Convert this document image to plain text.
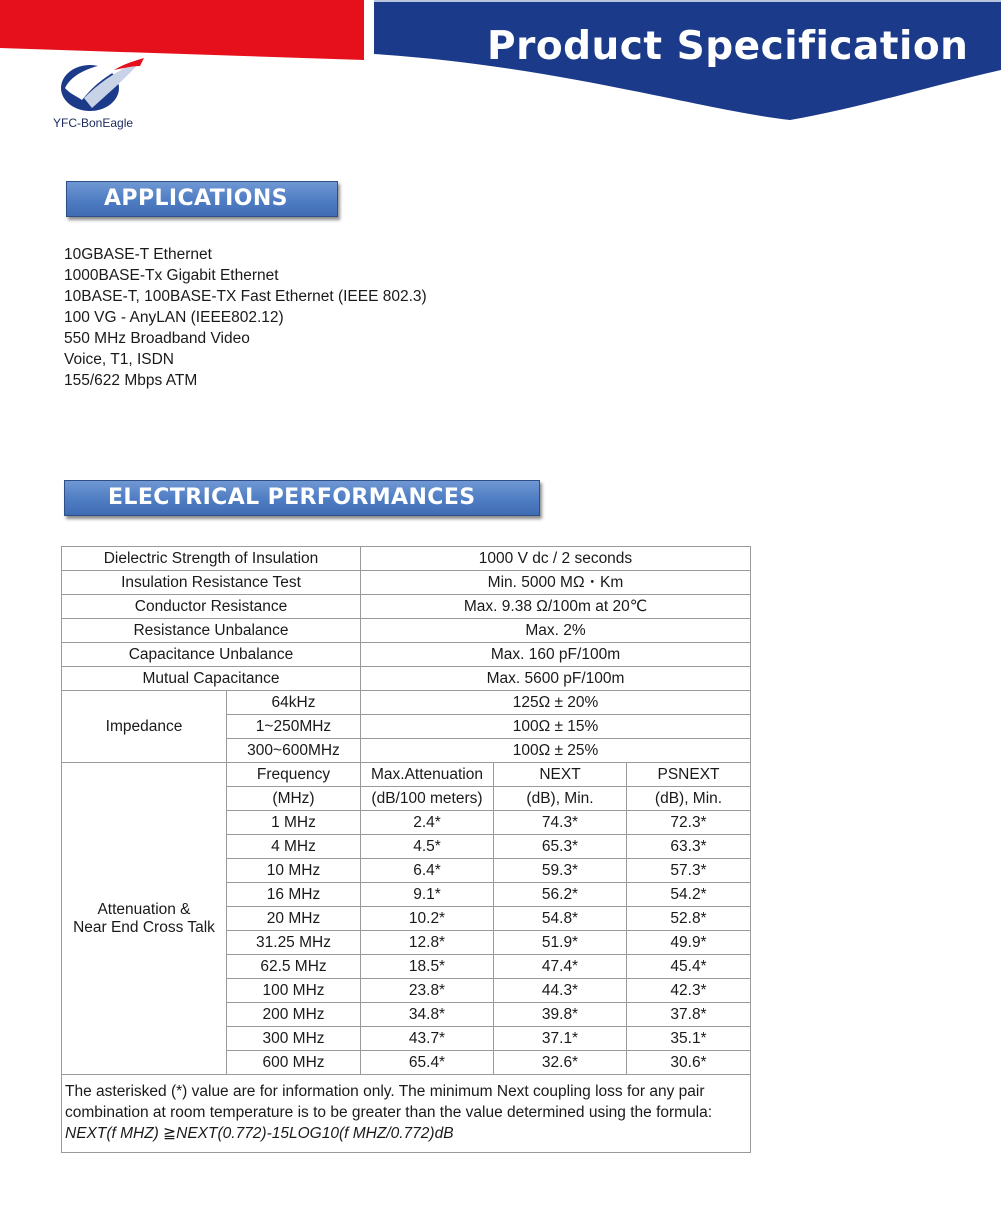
Product Specification
YFC-BonEagle
APPLICATIONS
10GBASE-T Ethernet
1000BASE-Tx Gigabit Ethernet
10BASE-T, 100BASE-TX Fast Ethernet (IEEE 802.3)
100 VG - AnyLAN (IEEE802.12)
550 MHz Broadband Video
Voice, T1, ISDN
155/622 Mbps ATM
ELECTRICAL PERFORMANCES
Dielectric Strength of Insulation		1000 V dc / 2 seconds		
Insulation Resistance Test		Min. 5000 MΩ・Km		
Conductor Resistance		Max. 9.38 Ω/100m at 20℃		
Resistance Unbalance		Max. 2%		
Capacitance Unbalance		Max. 160 pF/100m		
Mutual Capacitance		Max. 5600 pF/100m		
Impedance	64kHz	125Ω ± 20%		
	1~250MHz	100Ω ± 15%		
	300~600MHz	100Ω ± 25%		
Attenuation &
Near End Cross Talk	Frequency	Max.Attenuation	NEXT	PSNEXT
	(MHz)	(dB/100 meters)	(dB), Min.	(dB), Min.
	1 MHz	2.4*	74.3*	72.3*
	4 MHz	4.5*	65.3*	63.3*
	10 MHz	6.4*	59.3*	57.3*
	16 MHz	9.1*	56.2*	54.2*
	20 MHz	10.2*	54.8*	52.8*
	31.25 MHz	12.8*	51.9*	49.9*
	62.5 MHz	18.5*	47.4*	45.4*
	100 MHz	23.8*	44.3*	42.3*
	200 MHz	34.8*	39.8*	37.8*
	300 MHz	43.7*	37.1*	35.1*
	600 MHz	65.4*	32.6*	30.6*
The asterisked (*) value are for information only. The minimum Next coupling loss for any pair combination at room temperature is to be greater than the value determined using the formula:
NEXT(f MHZ) ≧NEXT(0.772)-15LOG10(f MHZ/0.772)dB				
